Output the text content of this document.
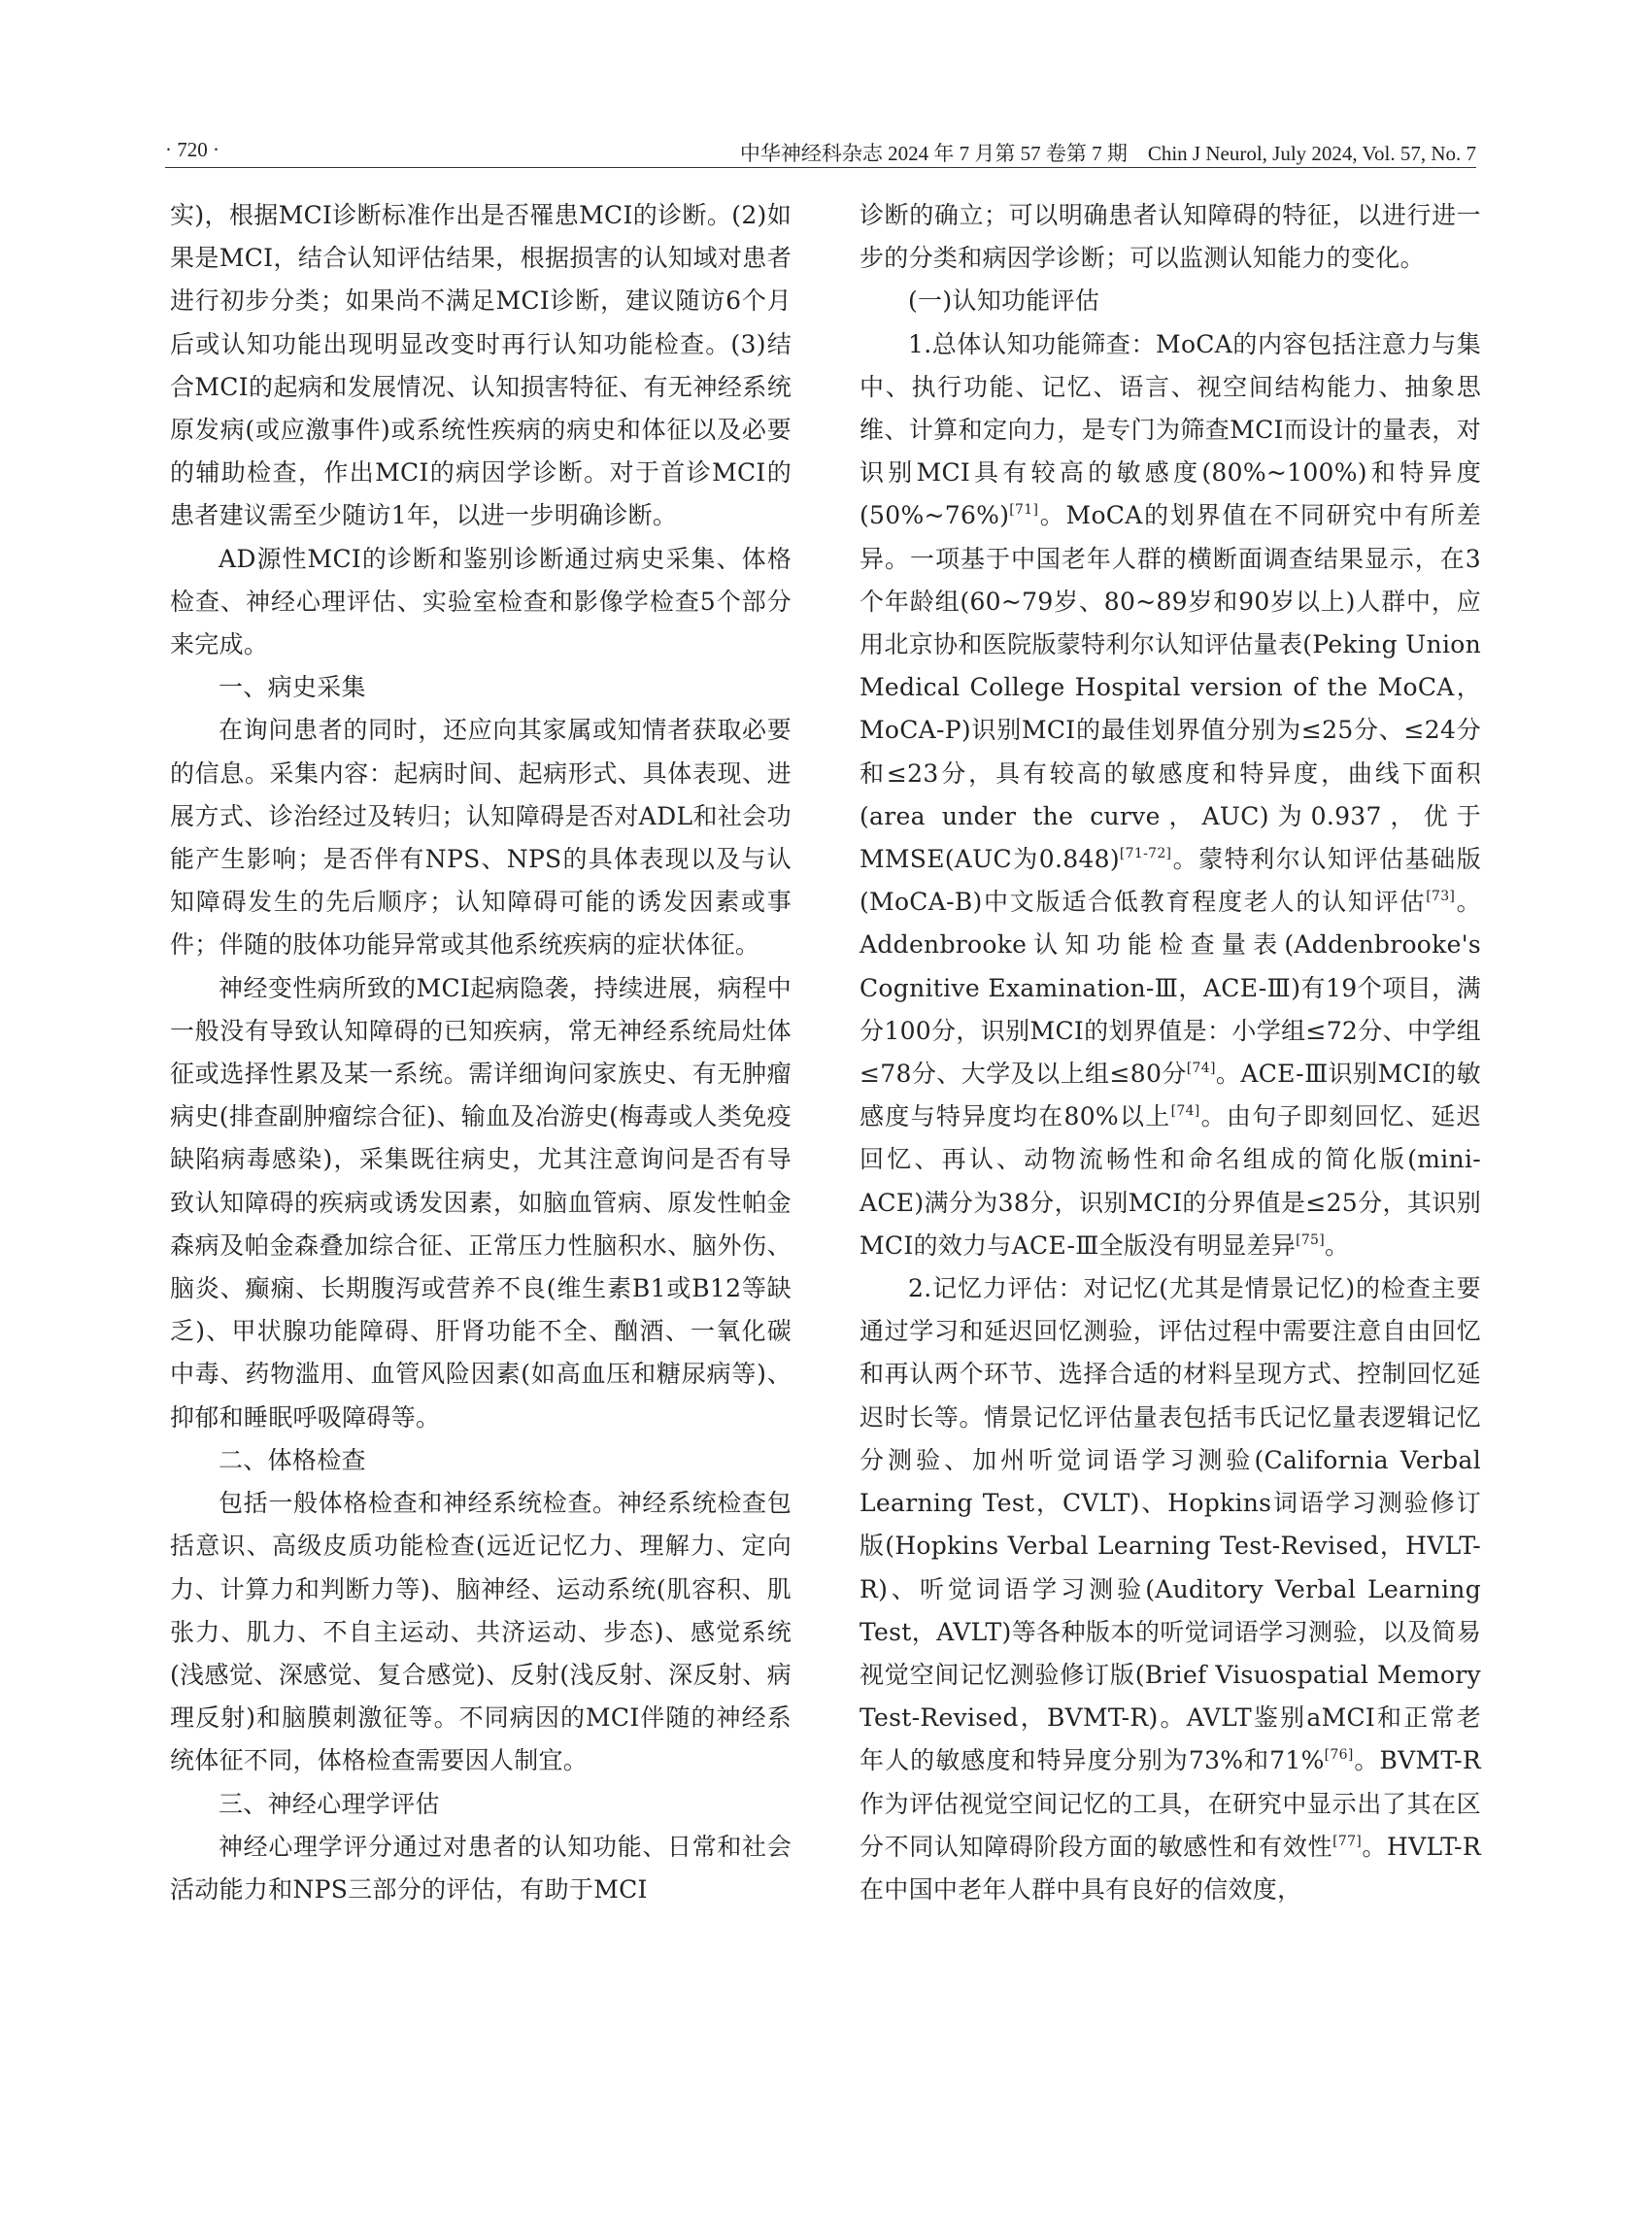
· 720 ·	中华神经科杂志 2024 年 7 月第 57 卷第 7 期　Chin J Neurol, July 2024, Vol. 57, No. 7

实)，根据MCI诊断标准作出是否罹患MCI的诊断。(2)如果是MCI，结合认知评估结果，根据损害的认知域对患者进行初步分类；如果尚不满足MCI诊断，建议随访6个月后或认知功能出现明显改变时再行认知功能检查。(3)结合MCI的起病和发展情况、认知损害特征、有无神经系统原发病(或应激事件)或系统性疾病的病史和体征以及必要的辅助检查，作出MCI的病因学诊断。对于首诊MCI的患者建议需至少随访1年，以进一步明确诊断。

AD源性MCI的诊断和鉴别诊断通过病史采集、体格检查、神经心理评估、实验室检查和影像学检查5个部分来完成。

一、病史采集

在询问患者的同时，还应向其家属或知情者获取必要的信息。采集内容：起病时间、起病形式、具体表现、进展方式、诊治经过及转归；认知障碍是否对ADL和社会功能产生影响；是否伴有NPS、NPS的具体表现以及与认知障碍发生的先后顺序；认知障碍可能的诱发因素或事件；伴随的肢体功能异常或其他系统疾病的症状体征。

神经变性病所致的MCI起病隐袭，持续进展，病程中一般没有导致认知障碍的已知疾病，常无神经系统局灶体征或选择性累及某一系统。需详细询问家族史、有无肿瘤病史(排查副肿瘤综合征)、输血及冶游史(梅毒或人类免疫缺陷病毒感染)，采集既往病史，尤其注意询问是否有导致认知障碍的疾病或诱发因素，如脑血管病、原发性帕金森病及帕金森叠加综合征、正常压力性脑积水、脑外伤、脑炎、癫痫、长期腹泻或营养不良(维生素B1或B12等缺乏)、甲状腺功能障碍、肝肾功能不全、酗酒、一氧化碳中毒、药物滥用、血管风险因素(如高血压和糖尿病等)、抑郁和睡眠呼吸障碍等。

二、体格检查

包括一般体格检查和神经系统检查。神经系统检查包括意识、高级皮质功能检查(远近记忆力、理解力、定向力、计算力和判断力等)、脑神经、运动系统(肌容积、肌张力、肌力、不自主运动、共济运动、步态)、感觉系统(浅感觉、深感觉、复合感觉)、反射(浅反射、深反射、病理反射)和脑膜刺激征等。不同病因的MCI伴随的神经系统体征不同，体格检查需要因人制宜。

三、神经心理学评估

神经心理学评分通过对患者的认知功能、日常和社会活动能力和NPS三部分的评估，有助于MCI

诊断的确立；可以明确患者认知障碍的特征，以进行进一步的分类和病因学诊断；可以监测认知能力的变化。

(一)认知功能评估

1.总体认知功能筛查：MoCA的内容包括注意力与集中、执行功能、记忆、语言、视空间结构能力、抽象思维、计算和定向力，是专门为筛查MCI而设计的量表，对识别MCI具有较高的敏感度(80%~100%)和特异度(50%~76%)[71]。MoCA的划界值在不同研究中有所差异。一项基于中国老年人群的横断面调查结果显示，在3个年龄组(60~79岁、80~89岁和90岁以上)人群中，应用北京协和医院版蒙特利尔认知评估量表(Peking Union Medical College Hospital version of the MoCA，MoCA-P)识别MCI的最佳划界值分别为≤25分、≤24分和≤23分，具有较高的敏感度和特异度，曲线下面积(area under the curve，AUC)为0.937，优于MMSE(AUC为0.848)[71-72]。蒙特利尔认知评估基础版(MoCA-B)中文版适合低教育程度老人的认知评估[73]。Addenbrooke认知功能检查量表(Addenbrooke's Cognitive Examination-Ⅲ，ACE-Ⅲ)有19个项目，满分100分，识别MCI的划界值是：小学组≤72分、中学组≤78分、大学及以上组≤80分[74]。ACE-Ⅲ识别MCI的敏感度与特异度均在80%以上[74]。由句子即刻回忆、延迟回忆、再认、动物流畅性和命名组成的简化版(mini-ACE)满分为38分，识别MCI的分界值是≤25分，其识别MCI的效力与ACE-Ⅲ全版没有明显差异[75]。

2.记忆力评估：对记忆(尤其是情景记忆)的检查主要通过学习和延迟回忆测验，评估过程中需要注意自由回忆和再认两个环节、选择合适的材料呈现方式、控制回忆延迟时长等。情景记忆评估量表包括韦氏记忆量表逻辑记忆分测验、加州听觉词语学习测验(California Verbal Learning Test，CVLT)、Hopkins词语学习测验修订版(Hopkins Verbal Learning Test-Revised，HVLT-R)、听觉词语学习测验(Auditory Verbal Learning Test，AVLT)等各种版本的听觉词语学习测验，以及简易视觉空间记忆测验修订版(Brief Visuospatial Memory Test-Revised，BVMT-R)。AVLT鉴别aMCI和正常老年人的敏感度和特异度分别为73%和71%[76]。BVMT-R作为评估视觉空间记忆的工具，在研究中显示出了其在区分不同认知障碍阶段方面的敏感性和有效性[77]。HVLT-R在中国中老年人群中具有良好的信效度，
